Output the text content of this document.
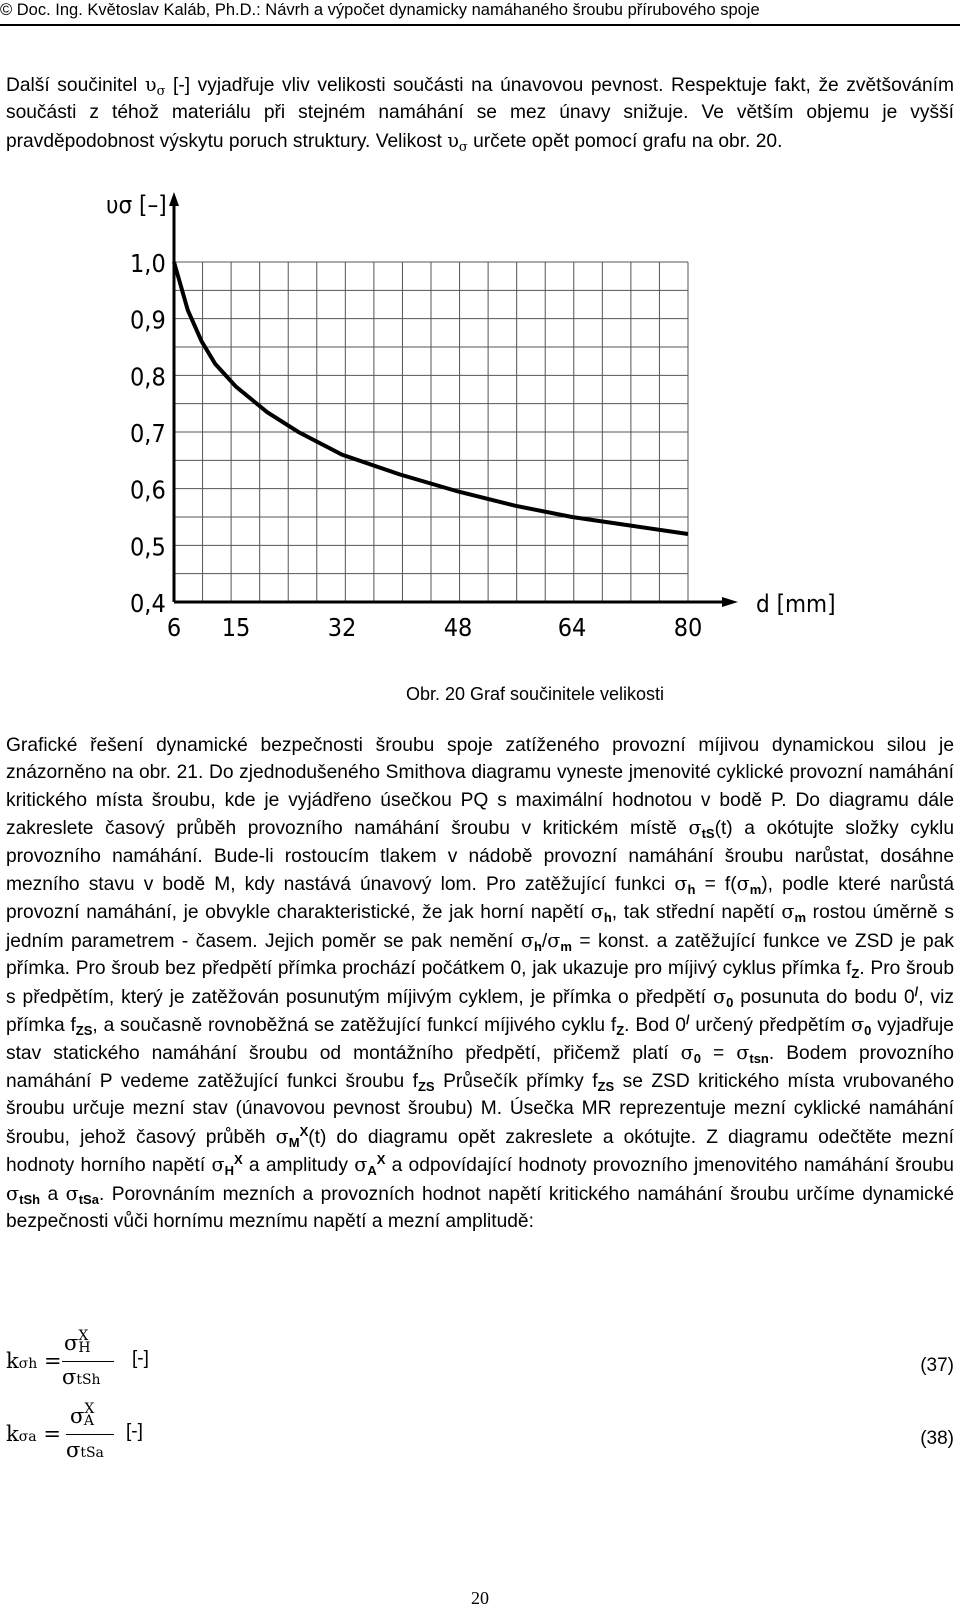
© Doc. Ing. Květoslav Kaláb, Ph.D.: Návrh a výpočet dynamicky namáhaného šroubu přírubového spoje
Další součinitel $\upsilon_\sigma$ [-] vyjadřuje vliv velikosti součásti na únavovou pevnost. Respektuje fakt, že zvětšováním součásti z téhož materiálu při stejném namáhání se mez únavy snižuje. Ve větším objemu je vyšší pravděpodobnost výskytu poruch struktury. Velikost $\upsilon_\sigma$ určete opět pomocí grafu na obr. 20.
1,0
0,9
0,8
0,7
0,6
0,5
0,4
6 15	32	48	64	80
υσ [–]
d [mm]
Obr. 20 Graf součinitele velikosti
Grafické řešení dynamické bezpečnosti šroubu spoje zatíženého provozní míjivou dynamickou silou je znázorněno na obr. 21. Do zjednodušeného Smithova diagramu vyneste jmenovité cyklické provozní namáhání kritického místa šroubu, kde je vyjádřeno úsečkou PQ s maximální hodnotou v bodě P. Do diagramu dále zakreslete časový průběh provozního namáhání šroubu v kritickém místě $\sigma_{tS}(t)$ a okótujte složky cyklu provozního namáhání. Bude-li rostoucím tlakem v nádobě provozní namáhání šroubu narůstat, dosáhne mezního stavu v bodě M, kdy nastává únavový lom. Pro zatěžující funkci $\sigma_h = f(\sigma_m)$, podle které narůstá provozní namáhání, je obvykle charakteristické, že jak horní napětí $\sigma_h$, tak střední napětí $\sigma_m$ rostou úměrně s jedním parametrem - časem. Jejich poměr se pak nemění $\sigma_h/\sigma_m$ = konst. a zatěžující funkce ve ZSD je pak přímka. Pro šroub bez předpětí přímka prochází počátkem 0, jak ukazuje pro míjivý cyklus přímka $f_Z$. Pro šroub s předpětím, který je zatěžován posunutým míjivým cyklem, je přímka o předpětí $\sigma_0$ posunuta do bodu 0/, viz přímka $f_{ZS}$, a současně rovnoběžná se zatěžující funkcí míjivého cyklu $f_Z$. Bod 0/ určený předpětím $\sigma_0$ vyjadřuje stav statického namáhání šroubu od montážního předpětí, přičemž platí $\sigma_0 = \sigma_{tsn}$. Bodem provozního namáhání P vedeme zatěžující funkci šroubu $f_{ZS}$ Průsečík přímky $f_{ZS}$ se ZSD kritického místa vrubovaného šroubu určuje mezní stav (únavovou pevnost šroubu) M. Úsečka MR reprezentuje mezní cyklické namáhání šroubu, jehož časový průběh $\sigma_M^X(t)$ do diagramu opět zakreslete a okótujte. Z diagramu odečtěte mezní hodnoty horního napětí $\sigma_H^X$ a amplitudy $\sigma_A^X$ a odpovídající hodnoty provozního jmenovitého namáhání šroubu $\sigma_{tSh}$ a $\sigma_{tSa}$. Porovnáním mezních a provozních hodnot napětí kritického namáhání šroubu určíme dynamické bezpečnosti vůči hornímu meznímu napětí a mezní amplitudě:
kσh =
$\sigma^XH$
σtSh
[-]	(37)
kσa =
$\sigma^XA$
σtSa
[-]	(38)
20
